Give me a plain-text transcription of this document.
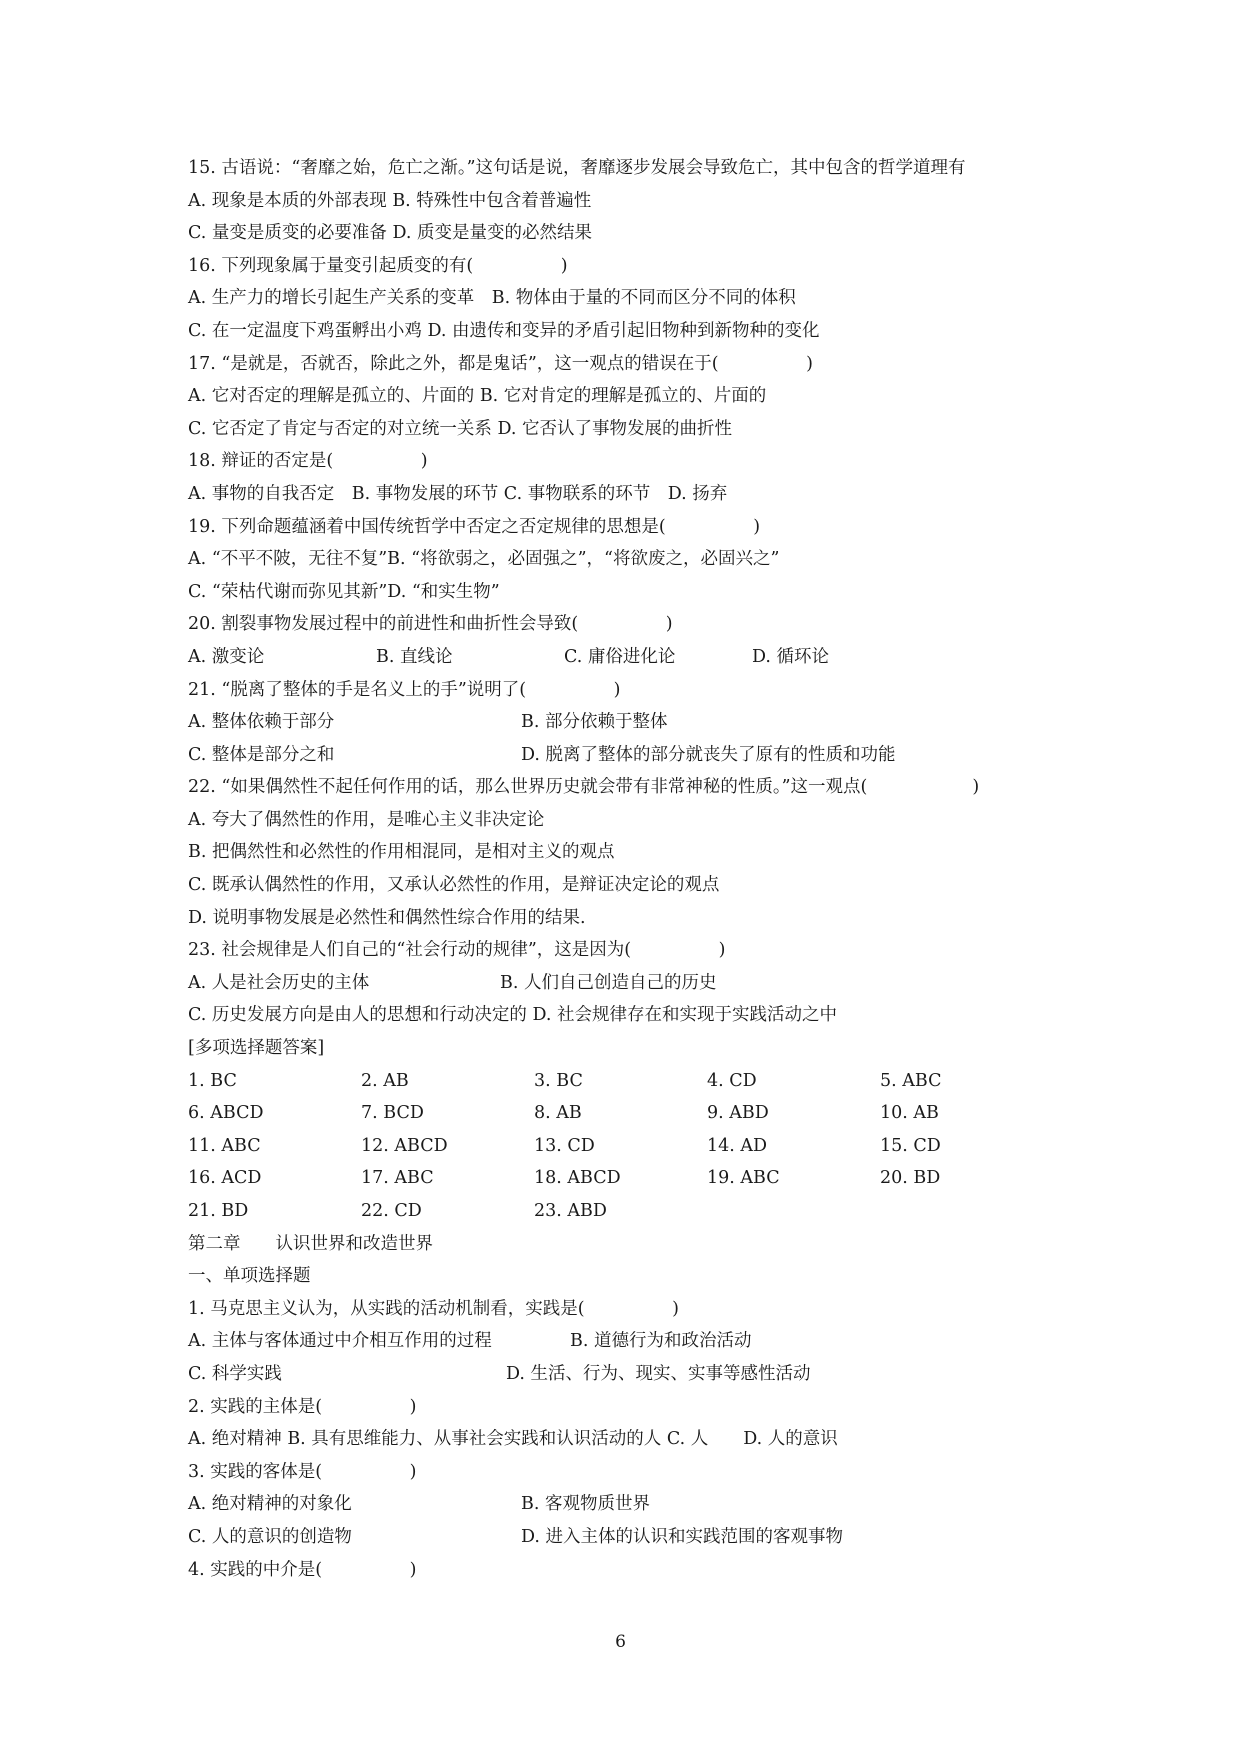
15. 古语说：“奢靡之始，危亡之渐。”这句话是说，奢靡逐步发展会导致危亡，其中包含的哲学道理有
A. 现象是本质的外部表现 B. 特殊性中包含着普遍性
C. 量变是质变的必要准备 D. 质变是量变的必然结果
16. 下列现象属于量变引起质变的有(　　　　　)
A. 生产力的增长引起生产关系的变革　B. 物体由于量的不同而区分不同的体积
C. 在一定温度下鸡蛋孵出小鸡 D. 由遗传和变异的矛盾引起旧物种到新物种的变化
17. “是就是，否就否，除此之外，都是鬼话”，这一观点的错误在于(　　　　　)
A. 它对否定的理解是孤立的、片面的 B. 它对肯定的理解是孤立的、片面的
C. 它否定了肯定与否定的对立统一关系 D. 它否认了事物发展的曲折性
18. 辩证的否定是(　　　　　)
A. 事物的自我否定　B. 事物发展的环节 C. 事物联系的环节　D. 扬弃
19. 下列命题蕴涵着中国传统哲学中否定之否定规律的思想是(　　　　　)
A. “不平不陂，无往不复”B. “将欲弱之，必固强之”，“将欲废之，必固兴之”
C. “荣枯代谢而弥见其新”D. “和实生物”
20. 割裂事物发展过程中的前进性和曲折性会导致(　　　　　)
A. 激变论	B. 直线论	C. 庸俗进化论	D. 循环论
21. “脱离了整体的手是名义上的手”说明了(　　　　　)
A. 整体依赖于部分	B. 部分依赖于整体
C. 整体是部分之和	D. 脱离了整体的部分就丧失了原有的性质和功能
22. “如果偶然性不起任何作用的话，那么世界历史就会带有非常神秘的性质。”这一观点(　　　　　　)
A. 夸大了偶然性的作用，是唯心主义非决定论
B. 把偶然性和必然性的作用相混同，是相对主义的观点
C. 既承认偶然性的作用，又承认必然性的作用，是辩证决定论的观点
D. 说明事物发展是必然性和偶然性综合作用的结果.
23. 社会规律是人们自己的“社会行动的规律”，这是因为(　　　　　)
A. 人是社会历史的主体	B. 人们自己创造自己的历史
C. 历史发展方向是由人的思想和行动决定的 D. 社会规律存在和实现于实践活动之中
[多项选择题答案]
1. BC	2. AB	3. BC	4. CD	5. ABC
6. ABCD	7. BCD	8. AB	9. ABD	10. AB
11. ABC	12. ABCD	13. CD	14. AD	15. CD
16. ACD	17. ABC	18. ABCD	19. ABC	20. BD
21. BD	22. CD	23. ABD
第二章　　认识世界和改造世界
一、单项选择题
1. 马克思主义认为，从实践的活动机制看，实践是(　　　　　)
A. 主体与客体通过中介相互作用的过程	B. 道德行为和政治活动
C. 科学实践	D. 生活、行为、现实、实事等感性活动
2. 实践的主体是(　　　　　)
A. 绝对精神 B. 具有思维能力、从事社会实践和认识活动的人 C. 人　　D. 人的意识
3. 实践的客体是(　　　　　)
A. 绝对精神的对象化	B. 客观物质世界
C. 人的意识的创造物	D. 进入主体的认识和实践范围的客观事物
4. 实践的中介是(　　　　　)
6
